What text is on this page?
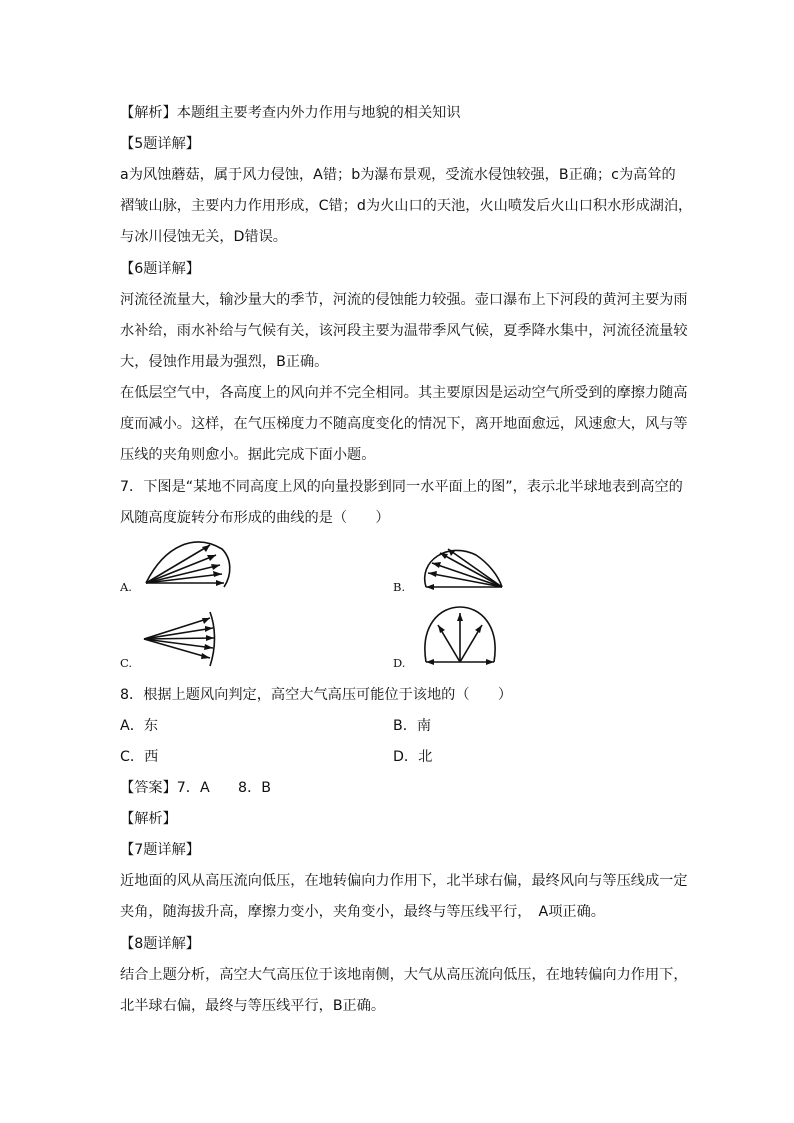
【解析】本题组主要考查内外力作用与地貌的相关知识
【5题详解】
a为风蚀蘑菇，属于风力侵蚀，A错；b为瀑布景观，受流水侵蚀较强，B正确；c为高耸的
褶皱山脉，主要内力作用形成，C错；d为火山口的天池，火山喷发后火山口积水形成湖泊，
与冰川侵蚀无关，D错误。
【6题详解】
河流径流量大，输沙量大的季节，河流的侵蚀能力较强。壶口瀑布上下河段的黄河主要为雨
水补给，雨水补给与气候有关，该河段主要为温带季风气候，夏季降水集中，河流径流量较
大，侵蚀作用最为强烈，B正确。
在低层空气中，各高度上的风向并不完全相同。其主要原因是运动空气所受到的摩擦力随高
度而减小。这样，在气压梯度力不随高度变化的情况下，离开地面愈远，风速愈大，风与等
压线的夹角则愈小。据此完成下面小题。
7．下图是“某地不同高度上风的向量投影到同一水平面上的图”，表示北半球地表到高空的
风随高度旋转分布形成的曲线的是（　　）
A.	B.
C.	D.
8．根据上题风向判定，高空大气高压可能位于该地的（　　）
A．东	B．南
C．西	D．北
【答案】7．A　　8．B
【解析】
【7题详解】
近地面的风从高压流向低压，在地转偏向力作用下，北半球右偏，最终风向与等压线成一定
夹角，随海拔升高，摩擦力变小，夹角变小，最终与等压线平行，　A项正确。
【8题详解】
结合上题分析，高空大气高压位于该地南侧，大气从高压流向低压，在地转偏向力作用下，
北半球右偏，最终与等压线平行，B正确。
